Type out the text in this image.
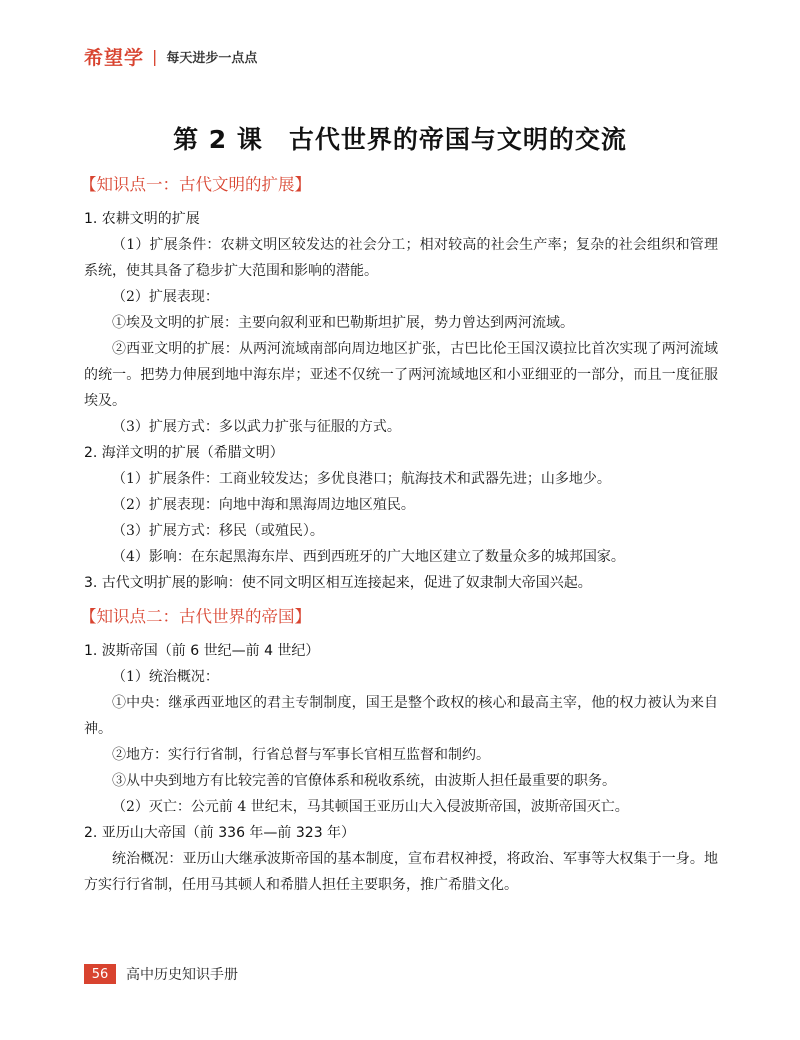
希望学 | 每天进步一点点
第 2 课 古代世界的帝国与文明的交流
【知识点一：古代文明的扩展】
1. 农耕文明的扩展
（1）扩展条件：农耕文明区较发达的社会分工；相对较高的社会生产率；复杂的社会组织和管理系统，使其具备了稳步扩大范围和影响的潜能。
（2）扩展表现：
①埃及文明的扩展：主要向叙利亚和巴勒斯坦扩展，势力曾达到两河流域。
②西亚文明的扩展：从两河流域南部向周边地区扩张，古巴比伦王国汉谟拉比首次实现了两河流域的统一。把势力伸展到地中海东岸；亚述不仅统一了两河流域地区和小亚细亚的一部分，而且一度征服埃及。
（3）扩展方式：多以武力扩张与征服的方式。
2. 海洋文明的扩展（希腊文明）
（1）扩展条件：工商业较发达；多优良港口；航海技术和武器先进；山多地少。
（2）扩展表现：向地中海和黑海周边地区殖民。
（3）扩展方式：移民（或殖民）。
（4）影响：在东起黑海东岸、西到西班牙的广大地区建立了数量众多的城邦国家。
3. 古代文明扩展的影响：使不同文明区相互连接起来，促进了奴隶制大帝国兴起。
【知识点二：古代世界的帝国】
1. 波斯帝国（前 6 世纪—前 4 世纪）
（1）统治概况：
①中央：继承西亚地区的君主专制制度，国王是整个政权的核心和最高主宰，他的权力被认为来自神。
②地方：实行行省制，行省总督与军事长官相互监督和制约。
③从中央到地方有比较完善的官僚体系和税收系统，由波斯人担任最重要的职务。
（2）灭亡：公元前 4 世纪末，马其顿国王亚历山大入侵波斯帝国，波斯帝国灭亡。
2. 亚历山大帝国（前 336 年—前 323 年）
统治概况：亚历山大继承波斯帝国的基本制度，宣布君权神授，将政治、军事等大权集于一身。地方实行行省制，任用马其顿人和希腊人担任主要职务，推广希腊文化。
56	高中历史知识手册
